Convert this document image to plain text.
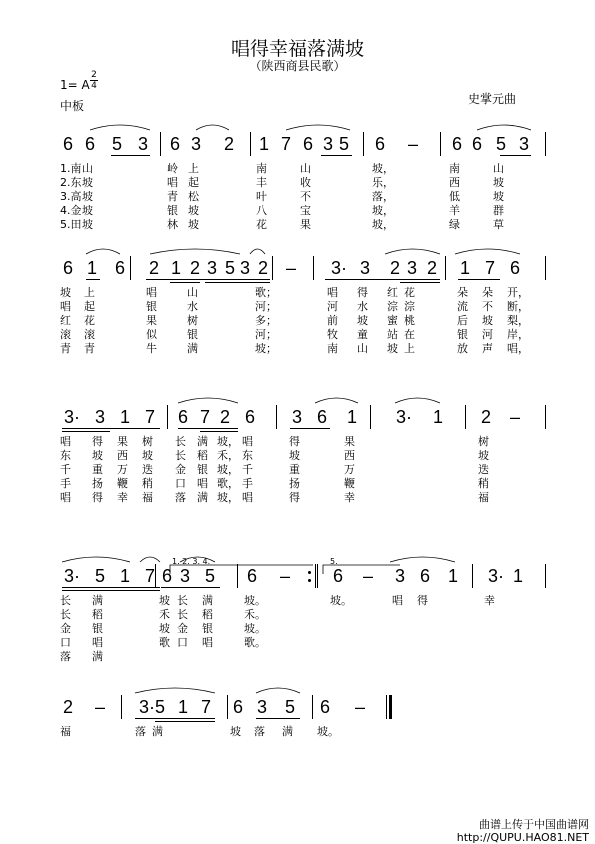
唱得幸福落满坡
（陕西商县民歌）
1= A $\frac{2}{4}$
中板	史掌元曲
6 6 5 3 6 3 2 1 7 6 3 5 6 – 6 6 5 3
1.南 山	岭 上	南	山	坡，	南	山
2.东 坡	唱 起	丰	收	乐，	西	坡
3.高 坡	青 松	叶	不	落，	低	坡
4.金 坡	银 坡	八	宝	坡，	羊	群
5.田 坡	林 坡	花	果	坡，	绿	草
6 1 6 2 1 2 3 5 3 2 – 3· 3 2 3 2 1 7 6
坡 上	唱	山	歌；	唱 得 红 花	朵 朵 开，
唱 起	银	水	河；	河 水 淙 淙	流 不 断，
红 花	果	树	多；	前 坡 蜜 桃	后 坡 梨，
滚 滚	似	银	河；	牧 童 站 在	银 河 岸，
青 青	牛	满	坡；	南 山 坡 上	放 声 唱，
3· 3 1 7 6 7 2 6 3 6 1 3· 1 2 –
唱 得 果 树 长 满 坡， 唱	得	果	树
东 坡 西 坡 长 稻 禾， 东	坡	西	坡
千 重 万 迭 金 银 坡， 千	重	万	迭
手 扬 鞭 稍 口 唱 歌， 手	扬	鞭	稍
唱 得 幸 福 落 满 坡， 唱	得	幸	福
3· 5 1 7 6 3 5 6 – 6 – 3 6 1 3· 1
长 满	坡 长 满	坡。	坡。	唱 得	幸
长 稻	禾 长 稻	禾。
金 银	坡 金 银	坡。
口 唱	歌 口 唱	歌。
落 满
2 – 3· 5 1 7 6 3 5 6 –
福	落 满	坡 落 满 坡。
1. 2. 3. 4.	5.
曲谱上传于中国曲谱网
http://QUPU.HAO81.NET
